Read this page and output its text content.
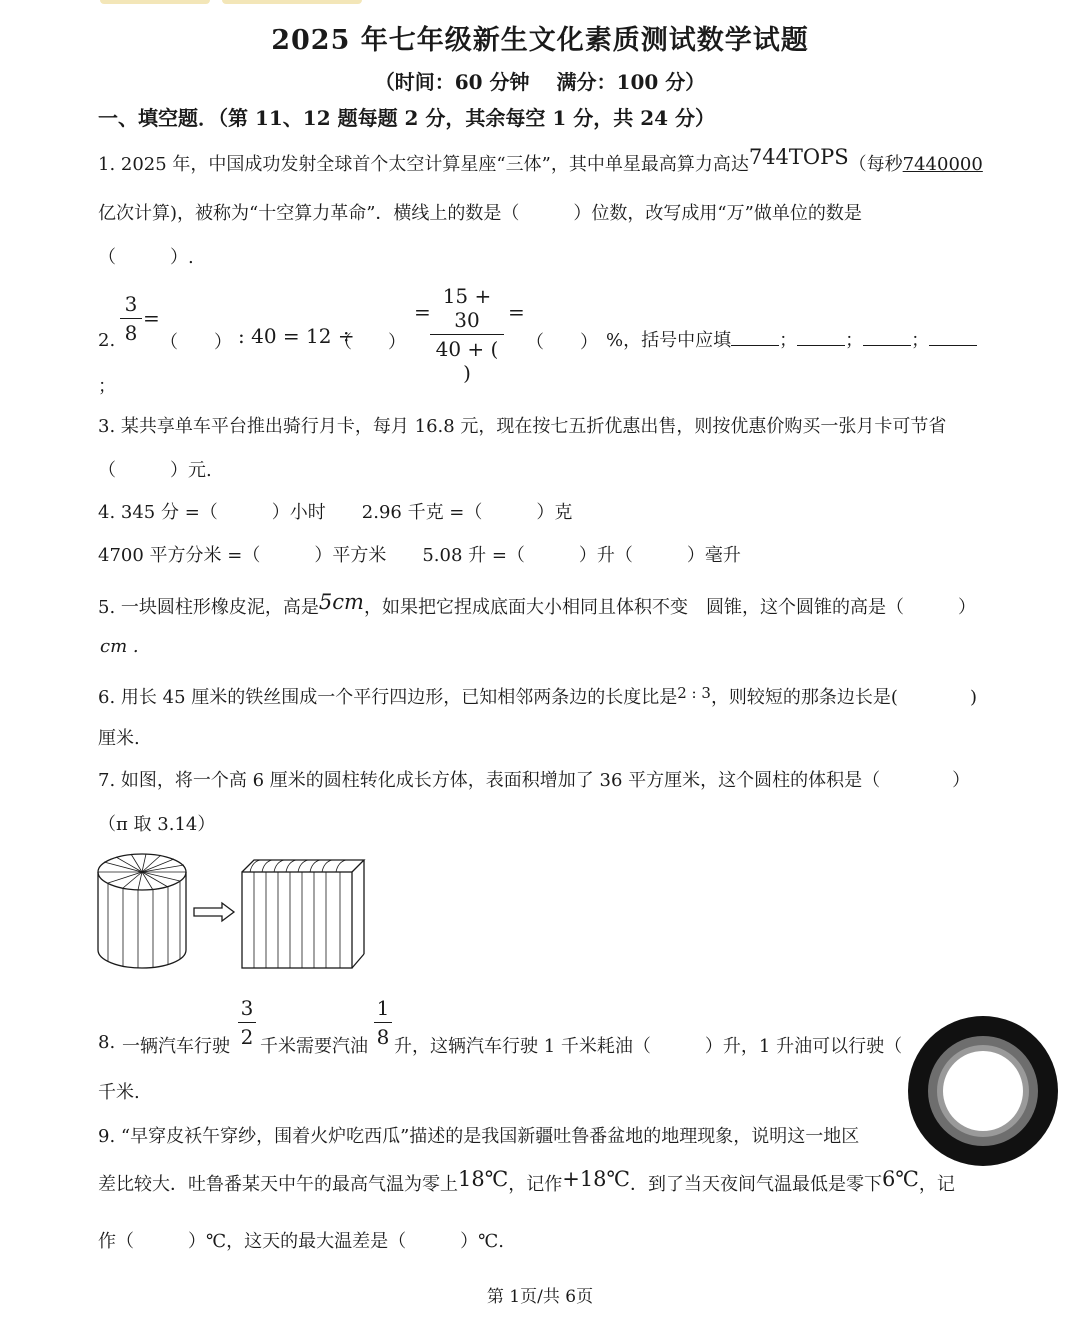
2025 年七年级新生文化素质测试数学试题
（时间：60 分钟　 满分：100 分）
一、填空题．（第 11、12 题每题 2 分，其余每空 1 分，共 24 分）
1. 2025 年，中国成功发射全球首个太空计算星座“三体”，其中单星最高算力高达744TOPS（每秒7440000
亿次计算)，被称为“十空算力革命”．横线上的数是（　　　）位数，改写成用“万”做单位的数是
（　　　）.
2.
3
8
=
（　　） : 40 = 12 ÷
（　　）
=
15 + 30
40 + ( )
=
（　　） %，括号中应填	；	；	；
；
3. 某共享单车平台推出骑行月卡，每月 16.8 元，现在按七五折优惠出售，则按优惠价购买一张月卡可节省
（　　　）元.
4. 345 分 =（　　　）小时　　2.96 千克 =（　　　）克
4700 平方分米 =（　　　）平方米　　5.08 升 =（　　　）升（　　　）毫升
5. 一块圆柱形橡皮泥，高是5cm，如果把它捏成底面大小相同且体积不变　圆锥，这个圆锥的高是（　　　）
cm .
6. 用长 45 厘米的铁丝围成一个平行四边形，已知相邻两条边的长度比是$^{2 : 3}$，则较短的那条边长是(　　　　)
厘米.
7. 如图，将一个高 6 厘米的圆柱转化成长方体，表面积增加了 36 平方厘米，这个圆柱的体积是（　　　　）
（π 取 3.14）
8. 一辆汽车行驶
3
2 千米需要汽油
1
8 升，这辆汽车行驶 1 千米耗油（　　　）升，1 升油可以行驶（
千米.
9. “早穿皮袄午穿纱，围着火炉吃西瓜”描述的是我国新疆吐鲁番盆地的地理现象，说明这一地区
差比较大．吐鲁番某天中午的最高气温为零上18℃，记作+18℃．到了当天夜间气温最低是零下6℃，记
作（　　　）℃，这天的最大温差是（　　　）℃.
第 1页/共 6页
